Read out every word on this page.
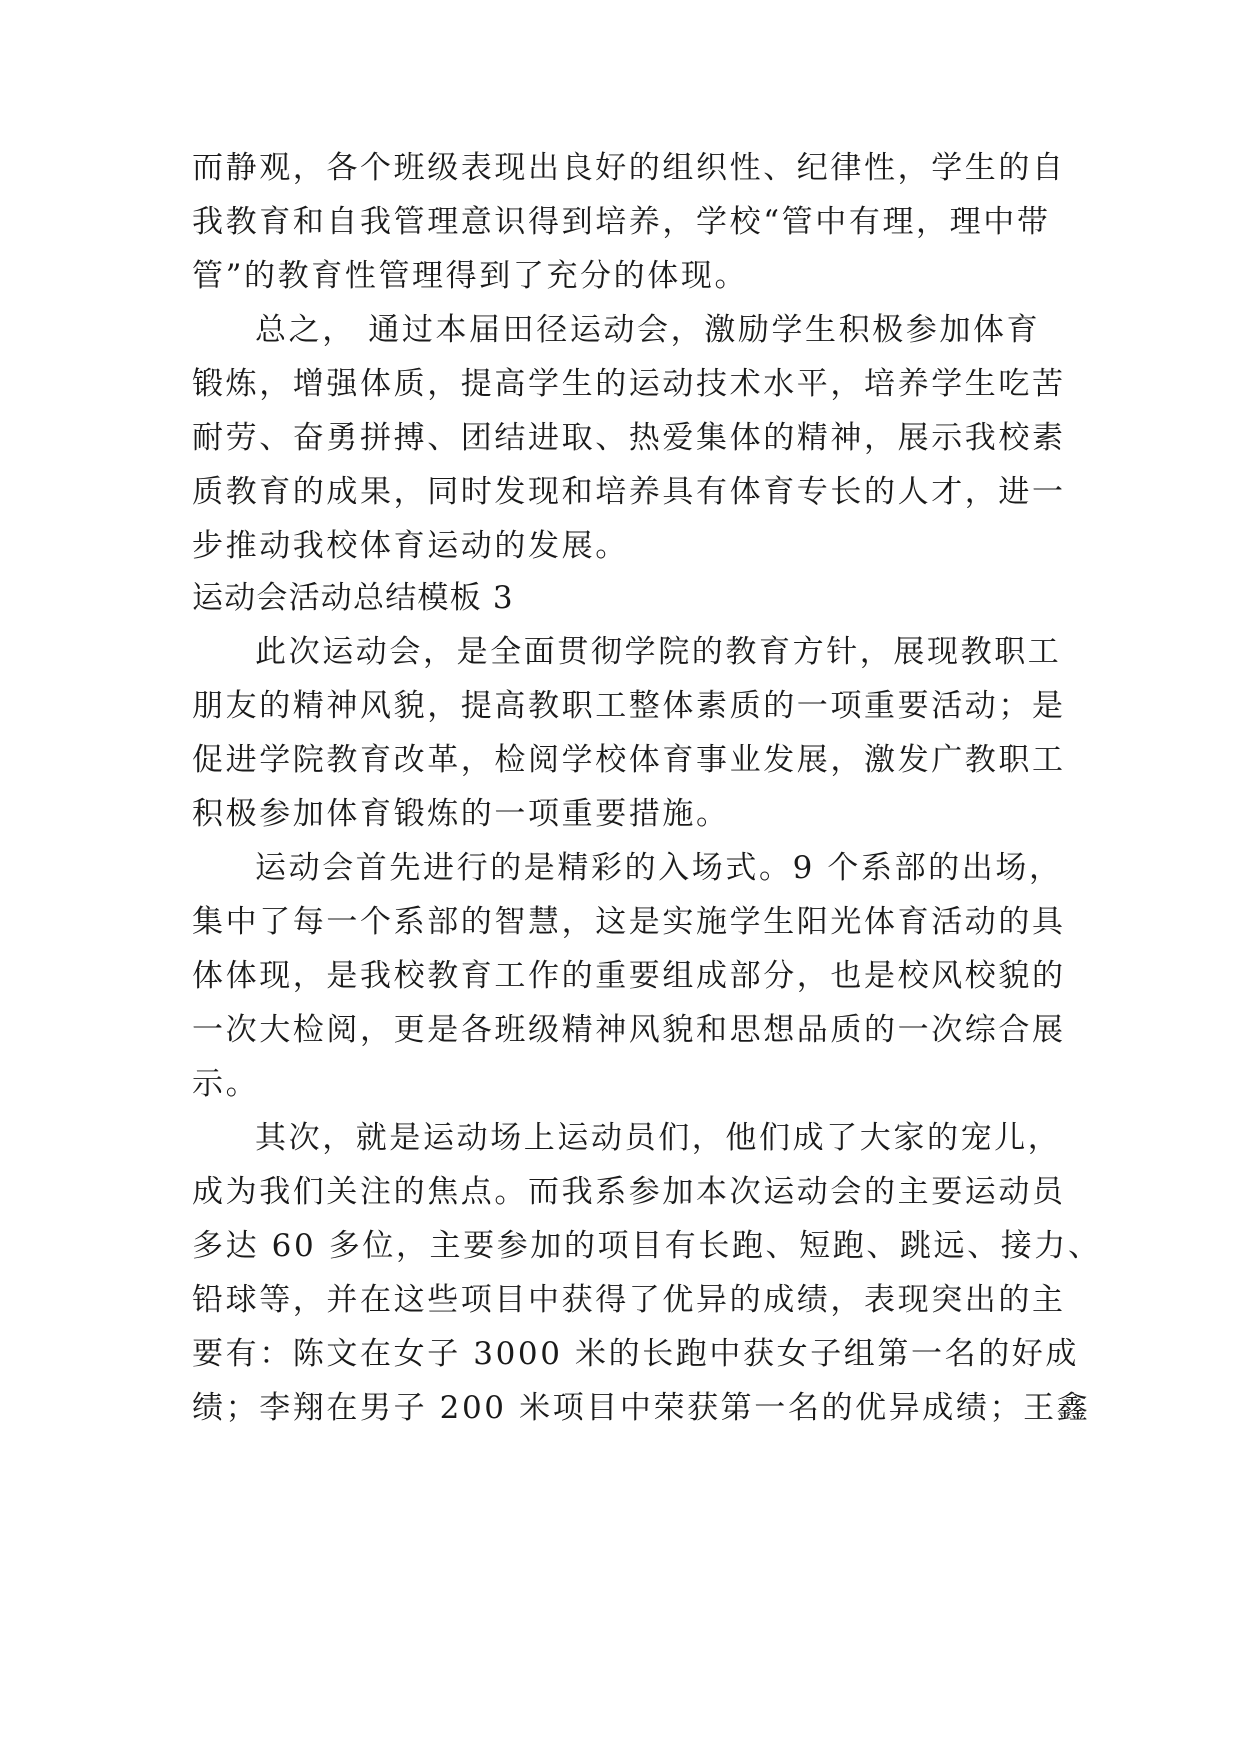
而静观，各个班级表现出良好的组织性、纪律性，学生的自
我教育和自我管理意识得到培养，学校“管中有理，理中带
管”的教育性管理得到了充分的体现。
总之， 通过本届田径运动会，激励学生积极参加体育
锻炼，增强体质，提高学生的运动技术水平，培养学生吃苦
耐劳、奋勇拼搏、团结进取、热爱集体的精神，展示我校素
质教育的成果，同时发现和培养具有体育专长的人才，进一
步推动我校体育运动的发展。
运动会活动总结模板 3
此次运动会，是全面贯彻学院的教育方针，展现教职工
朋友的精神风貌，提高教职工整体素质的一项重要活动；是
促进学院教育改革，检阅学校体育事业发展，激发广教职工
积极参加体育锻炼的一项重要措施。
运动会首先进行的是精彩的入场式。9 个系部的出场，
集中了每一个系部的智慧，这是实施学生阳光体育活动的具
体体现，是我校教育工作的重要组成部分，也是校风校貌的
一次大检阅，更是各班级精神风貌和思想品质的一次综合展
示。
其次，就是运动场上运动员们，他们成了大家的宠儿，
成为我们关注的焦点。而我系参加本次运动会的主要运动员
多达 60 多位，主要参加的项目有长跑、短跑、跳远、接力、
铅球等，并在这些项目中获得了优异的成绩，表现突出的主
要有：陈文在女子 3000 米的长跑中获女子组第一名的好成
绩；李翔在男子 200 米项目中荣获第一名的优异成绩；王鑫
